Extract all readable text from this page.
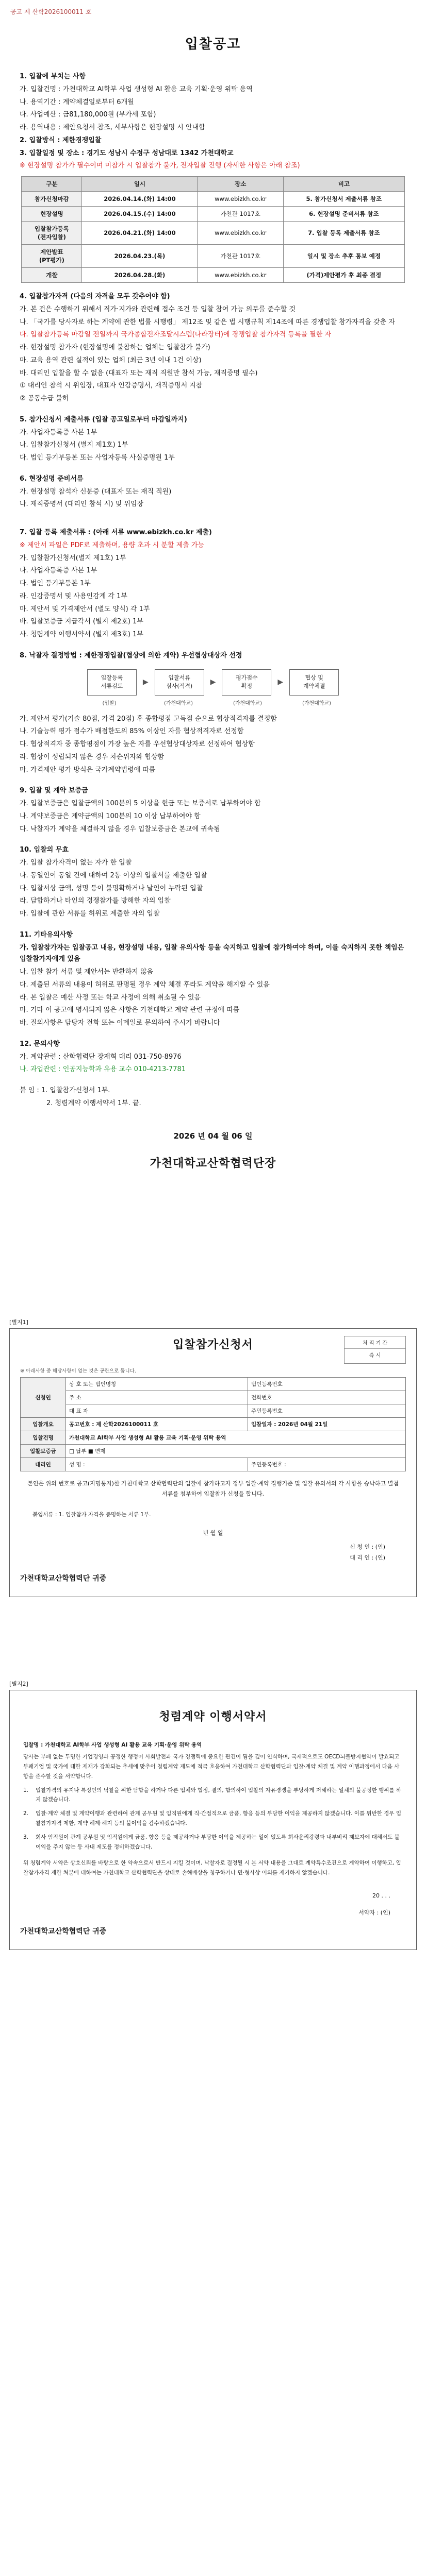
공고 제 산학2026100011 호
입찰공고

1. 입찰에 부치는 사항

가. 입찰건명 : 가천대학교 AI학부 사업 생성형 AI 활용 교육 기획·운영 위탁 용역

나. 용역기간 : 계약체결일로부터 6개월

다. 사업예산 : 금81,180,000원 (부가세 포함)

라. 용역내용 : 제안요청서 참조, 세부사항은 현장설명 시 안내함

2. 입찰방식 : 제한경쟁입찰

3. 입찰일정 및 장소 : 경기도 성남시 수정구 성남대로 1342 가천대학교

※ 현장설명 참가가 필수이며 미참가 시 입찰참가 불가, 전자입찰 진행 (자세한 사항은 아래 참조)

구분	일시	장소	비고
참가신청마감	2026.04.14.(화) 14:00	www.ebizkh.co.kr	5. 참가신청서 제출서류 참조
현장설명	2026.04.15.(수) 14:00	가천관 1017호	6. 현장설명 준비서류 참조
입찰참가등록
(전자입찰)	2026.04.21.(화) 14:00	www.ebizkh.co.kr	7. 입찰 등록 제출서류 참조
제안발표
(PT평가)	2026.04.23.(목)	가천관 1017호	일시 및 장소 추후 통보 예정
개찰	2026.04.28.(화)	www.ebizkh.co.kr	(가격)제안평가 후 최종 결정

4. 입찰참가자격 (다음의 자격을 모두 갖추어야 함)

가. 본 건은 수행하기 위해서 직가·지가와 관련해 접수 조건 등 입찰 참여 가능 의무를 준수할 것

나. 「국가를 당사자로 하는 계약에 관한 법률 시행령」 제12조 및 같은 법 시행규칙 제14조에 따른 경쟁입찰 참가자격을 갖춘 자

다. 입찰참가등록 마감일 전일까지 국가종합전자조달시스템(나라장터)에 경쟁입찰 참가자격 등록을 필한 자

라. 현장설명 참가자 (현장설명에 불참하는 업체는 입찰참가 불가)

마. 교육 용역 관련 실적이 있는 업체 (최근 3년 이내 1건 이상)

바. 대리인 입찰을 할 수 없음 (대표자 또는 재직 직원만 참석 가능, 재직증명 필수)

① 대리인 참석 시 위임장, 대표자 인감증명서, 재직증명서 지참

② 공동수급 불허

5. 참가신청서 제출서류 (입찰 공고일로부터 마감일까지)

가. 사업자등록증 사본 1부

나. 입찰참가신청서 (별지 제1호) 1부

다. 법인 등기부등본 또는 사업자등록 사실증명원 1부

6. 현장설명 준비서류

가. 현장설명 참석자 신분증 (대표자 또는 재직 직원)

나. 재직증명서 (대리인 참석 시) 및 위임장

7. 입찰 등록 제출서류 : (아래 서류 www.ebizkh.co.kr 제출)

※ 제안서 파일은 PDF로 제출하며, 용량 초과 시 분할 제출 가능

가. 입찰참가신청서(별지 제1호) 1부

나. 사업자등록증 사본 1부

다. 법인 등기부등본 1부

라. 인감증명서 및 사용인감계 각 1부

마. 제안서 및 가격제안서 (별도 양식) 각 1부

바. 입찰보증금 지급각서 (별지 제2호) 1부

사. 청렴계약 이행서약서 (별지 제3호) 1부

8. 낙찰자 결정방법 : 제한경쟁입찰(협상에 의한 계약) 우선협상대상자 선정

입찰등록
서류검토	▶
입찰서류
심사(적격)	▶
평가점수
확정	▶
협상 및
계약체결
(입찰)	(가천대학교)	(가천대학교)	(가천대학교)

가. 제안서 평가(기술 80점, 가격 20점) 후 종합평점 고득점 순으로 협상적격자를 결정함

나. 기술능력 평가 점수가 배점한도의 85% 이상인 자를 협상적격자로 선정함

다. 협상적격자 중 종합평점이 가장 높은 자를 우선협상대상자로 선정하여 협상함

라. 협상이 성립되지 않은 경우 차순위자와 협상함

마. 가격제안 평가 방식은 국가계약법령에 따름

9. 입찰 및 계약 보증금

가. 입찰보증금은 입찰금액의 100분의 5 이상을 현금 또는 보증서로 납부하여야 함

나. 계약보증금은 계약금액의 100분의 10 이상 납부하여야 함

다. 낙찰자가 계약을 체결하지 않을 경우 입찰보증금은 본교에 귀속됨

10. 입찰의 무효

가. 입찰 참가자격이 없는 자가 한 입찰

나. 동일인이 동일 건에 대하여 2통 이상의 입찰서를 제출한 입찰

다. 입찰서상 금액, 성명 등이 불명확하거나 날인이 누락된 입찰

라. 담합하거나 타인의 경쟁참가를 방해한 자의 입찰

마. 입찰에 관한 서류를 허위로 제출한 자의 입찰

11. 기타유의사항

가. 입찰참가자는 입찰공고 내용, 현장설명 내용, 입찰 유의사항 등을 숙지하고 입찰에 참가하여야 하며, 이를 숙지하지 못한 책임은 입찰참가자에게 있음

나. 입찰 참가 서류 및 제안서는 반환하지 않음

다. 제출된 서류의 내용이 허위로 판명될 경우 계약 체결 후라도 계약을 해지할 수 있음

라. 본 입찰은 예산 사정 또는 학교 사정에 의해 취소될 수 있음

마. 기타 이 공고에 명시되지 않은 사항은 가천대학교 계약 관련 규정에 따름

바. 질의사항은 담당자 전화 또는 이메일로 문의하여 주시기 바랍니다

12. 문의사항

가. 계약관련 : 산학협력단 장재혁 대리 031-750-8976

나. 과업관련 : 인공지능학과 유용 교수 010-4213-7781

붙 임 : 1. 입찰참가신청서 1부.

2. 청렴계약 이행서약서 1부. 끝.

2026 년 04 월 06 일
가천대학교산학협력단장
[별지1]
입찰참가신청서	처 리 기 간
즉 시
※ 아래사항 중 해당사항이 없는 것은 공란으로 둡니다.
신청인	상 호 또는 법인명칭	법인등록번호
	주 소	전화번호
	대 표 자	주민등록번호
입찰개요	공고번호 : 제 산학2026100011 호	입찰일자 : 2026년 04월 21일
입찰건명	가천대학교 AI학부 사업 생성형 AI 활용 교육 기획·운영 위탁 용역	
입찰보증금	□ 납부 ■ 면제	
대리인	성 명 :	주민등록번호 :
본인은 위의 번호로 공고(지명통지)한 가천대학교 산학협력단의 입찰에 참가하고자 정부 입찰·계약 집행기준 및 입찰 유의서의 각 사항을 승낙하고 별첨서류를 첨부하여 입찰참가 신청을 합니다.
붙임서류 : 1. 입찰참가 자격을 증명하는 서류 1부.
년 월 일
신 청 인 : (인)
대 리 인 : (인)
가천대학교산학협력단 귀중
[별지2]
청렴계약 이행서약서

입찰명 : 가천대학교 AI학부 사업 생성형 AI 활용 교육 기획·운영 위탁 용역

당사는 부패 없는 투명한 기업경영과 공정한 행정이 사회발전과 국가 경쟁력에 중요한 관건이 됨을 깊이 인식하며, 국제적으로도 OECD뇌물방지협약이 발효되고 부패기업 및 국가에 대한 제재가 강화되는 추세에 맞추어 청렴계약 제도에 적극 호응하여 가천대학교 산학협력단과 입찰·계약 체결 및 계약 이행과정에서 다음 사항을 준수할 것을 서약합니다.

1.	입찰가격의 유지나 특정인의 낙찰을 위한 담합을 하거나 다른 업체와 협정, 결의, 합의하여 입찰의 자유경쟁을 부당하게 저해하는 일체의 불공정한 행위를 하지 않겠습니다.
2.	입찰·계약 체결 및 계약이행과 관련하여 관계 공무원 및 임직원에게 직·간접적으로 금품, 향응 등의 부당한 이익을 제공하지 않겠습니다. 이를 위반한 경우 입찰참가자격 제한, 계약 해제·해지 등의 불이익을 감수하겠습니다.
3.	회사 임직원이 관계 공무원 및 임직원에게 금품, 향응 등을 제공하거나 부당한 이익을 제공하는 일이 없도록 회사윤리강령과 내부비리 제보자에 대해서도 불이익을 주지 않는 등 사내 제도를 정비하겠습니다.

위 청렴계약 서약은 상호신뢰를 바탕으로 한 약속으로서 반드시 지킬 것이며, 낙찰자로 결정될 시 본 서약 내용을 그대로 계약특수조건으로 계약하여 이행하고, 입찰참가자격 제한 처분에 대하여는 가천대학교 산학협력단을 상대로 손해배상을 청구하거나 민·형사상 이의를 제기하지 않겠습니다.

20 . . .
서약자 : (인)
가천대학교산학협력단 귀중
